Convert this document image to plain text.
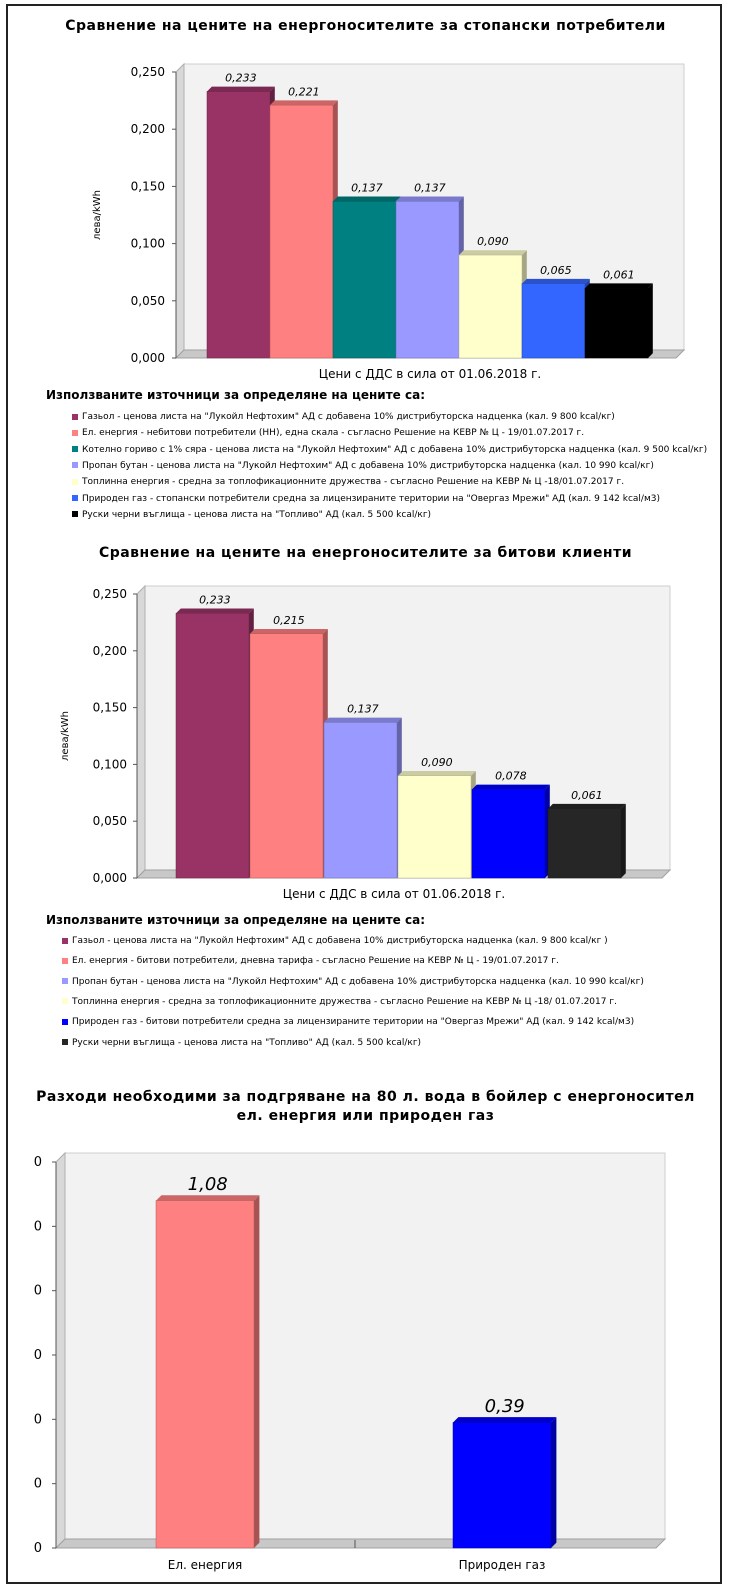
Сравнение на цените на енергоносителите за стопански потребители
0,000
0,050
0,100
0,150
0,200
0,250	0,233
0,221
0,137	0,137
0,090
0,065	0,061
лева/kWh
Цени с ДДС в сила от 01.06.2018 г.
Използваните източници за определяне на цените са:
Газьол - ценова листа на "Лукойл Нефтохим" АД с добавена 10% дистрибуторска надценка (кал. 9 800 kcal/кг)
Ел. енергия - небитови потребители (НН), една скала - съгласно Решение на КЕВР № Ц - 19/01.07.2017 г.
Котелно гориво с 1% сяра - ценова листа на "Лукойл Нефтохим" АД с добавена 10% дистрибуторска надценка (кал. 9 500 kcal/кг)
Пропан бутан - ценова листа на "Лукойл Нефтохим" АД с добавена 10% дистрибуторска надценка (кал. 10 990 kcal/кг)
Топлинна енергия - средна за топлофикационните дружества - съгласно Решение на КЕВР № Ц -18/01.07.2017 г.
Природен газ - стопански потребители средна за лицензираните територии на "Овергаз Мрежи" АД (кал. 9 142 kcal/м3)
Руски черни въглища - ценова листа на "Топливо" АД (кал. 5 500 kcal/кг)
Сравнение на цените на енергоносителите за битови клиенти
0,000
0,050
0,100
0,150
0,200
0,250	0,233
0,215
0,137
0,090
0,078
0,061
лева/kWh
Цени с ДДС в сила от 01.06.2018 г.
Използваните източници за определяне на цените са:
Газьол - ценова листа на "Лукойл Нефтохим" АД с добавена 10% дистрибуторска надценка (кал. 9 800 kcal/кг )
Ел. енергия - битови потребители, дневна тарифа - съгласно Решение на КЕВР № Ц - 19/01.07.2017 г.
Пропан бутан - ценова листа на "Лукойл Нефтохим" АД с добавена 10% дистрибуторска надценка (кал. 10 990 kcal/кг)
Топлинна енергия - средна за топлофикационните дружества - съгласно Решение на КЕВР № Ц -18/ 01.07.2017 г.
Природен газ - битови потребители средна за лицензираните територии на "Овергаз Мрежи" АД (кал. 9 142 kcal/м3)
Руски черни въглища - ценова листа на "Топливо" АД (кал. 5 500 kcal/кг)
Разходи необходими за подгряване на 80 л. вода в бойлер с енергоносител
ел. енергия или природен газ
0
0
0
0
0
0
0
1,08
0,39
Ел. енергия	Природен газ
